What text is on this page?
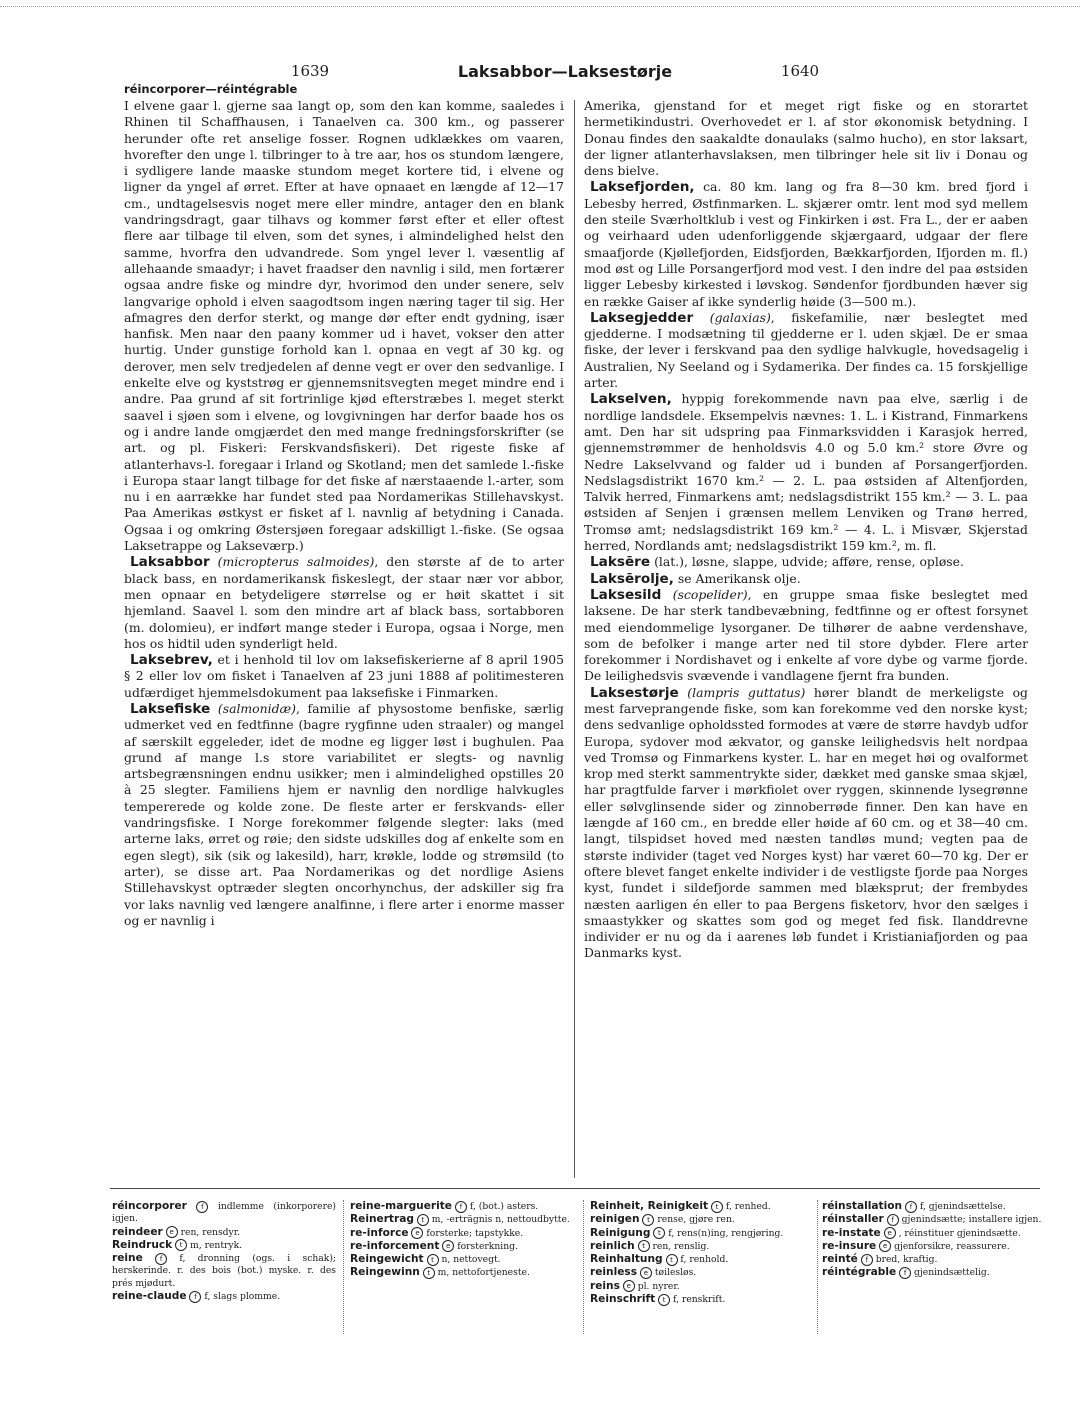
1639	Laksabbor—Laksestørje	1640
réincorporer—réintégrable

I elvene gaar l. gjerne saa langt op, som den kan komme, saaledes i Rhinen til Schaffhausen, i Tanaelven ca. 300 km., og passerer herunder ofte ret anselige fosser. Rognen udklækkes om vaaren, hvorefter den unge l. tilbringer to à tre aar, hos os stundom længere, i sydligere lande maaske stundom meget kortere tid, i elvene og ligner da yngel af ørret. Efter at have opnaaet en længde af 12—17 cm., undtagelsesvis noget mere eller mindre, antager den en blank vandringsdragt, gaar tilhavs og kommer først efter et eller oftest flere aar tilbage til elven, som det synes, i almindelighed helst den samme, hvorfra den udvandrede. Som yngel lever l. væsentlig af allehaande smaadyr; i havet fraadser den navnlig i sild, men fortærer ogsaa andre fiske og mindre dyr, hvorimod den under senere, selv langvarige ophold i elven saagodtsom ingen næring tager til sig. Her afmagres den derfor sterkt, og mange dør efter endt gydning, især hanfisk. Men naar den paany kommer ud i havet, vokser den atter hurtig. Under gunstige forhold kan l. opnaa en vegt af 30 kg. og derover, men selv tredjedelen af denne vegt er over den sedvanlige. I enkelte elve og kyststrøg er gjennemsnitsvegten meget mindre end i andre. Paa grund af sit fortrinlige kjød efterstræbes l. meget sterkt saavel i sjøen som i elvene, og lovgivningen har derfor baade hos os og i andre lande omgjærdet den med mange fredningsforskrifter (se art. og pl. Fiskeri: Ferskvandsfiskeri). Det rigeste fiske af atlanterhavs-l. foregaar i Irland og Skotland; men det samlede l.-fiske i Europa staar langt tilbage for det fiske af nærstaaende l.-arter, som nu i en aarrække har fundet sted paa Nordamerikas Stillehavskyst. Paa Amerikas østkyst er fisket af l. navnlig af betydning i Canada. Ogsaa i og omkring Østersjøen foregaar adskilligt l.-fiske. (Se ogsaa Laksetrappe og Lakseværp.)

Laksabbor (micropterus salmoides), den største af de to arter black bass, en nordamerikansk fiskeslegt, der staar nær vor abbor, men opnaar en betydeligere størrelse og er høit skattet i sit hjemland. Saavel l. som den mindre art af black bass, sortabboren (m. dolomieu), er indført mange steder i Europa, ogsaa i Norge, men hos os hidtil uden synderligt held.

Laksebrev, et i henhold til lov om laksefiskerierne af 8 april 1905 § 2 eller lov om fisket i Tanaelven af 23 juni 1888 af politimesteren udfærdiget hjemmelsdokument paa laksefiske i Finmarken.

Laksefiske (salmonidæ), familie af physostome benfiske, særlig udmerket ved en fedtfinne (bagre rygfinne uden straaler) og mangel af særskilt eggeleder, idet de modne eg ligger løst i bughulen. Paa grund af mange l.s store variabilitet er slegts- og navnlig artsbegrænsningen endnu usikker; men i almindelighed opstilles 20 à 25 slegter. Familiens hjem er navnlig den nordlige halvkugles tempererede og kolde zone. De fleste arter er ferskvands- eller vandringsfiske. I Norge forekommer følgende slegter: laks (med arterne laks, ørret og røie; den sidste udskilles dog af enkelte som en egen slegt), sik (sik og lakesild), harr, krøkle, lodde og strømsild (to arter), se disse art. Paa Nordamerikas og det nordlige Asiens Stillehavskyst optræder slegten oncorhynchus, der adskiller sig fra vor laks navnlig ved længere analfinne, i flere arter i enorme masser og er navnlig i

Amerika, gjenstand for et meget rigt fiske og en storartet hermetikindustri. Overhovedet er l. af stor økonomisk betydning. I Donau findes den saakaldte donaulaks (salmo hucho), en stor laksart, der ligner atlanterhavslaksen, men tilbringer hele sit liv i Donau og dens bielve.

Laksefjorden, ca. 80 km. lang og fra 8—30 km. bred fjord i Lebesby herred, Østfinmarken. L. skjærer omtr. lent mod syd mellem den steile Sværholtklub i vest og Finkirken i øst. Fra L., der er aaben og veirhaard uden udenforliggende skjærgaard, udgaar der flere smaafjorde (Kjøllefjorden, Eidsfjorden, Bækkarfjorden, Ifjorden m. fl.) mod øst og Lille Porsangerfjord mod vest. I den indre del paa østsiden ligger Lebesby kirkested i løvskog. Søndenfor fjordbunden hæver sig en række Gaiser af ikke synderlig høide (3—500 m.).

Laksegjedder (galaxias), fiskefamilie, nær beslegtet med gjedderne. I modsætning til gjedderne er l. uden skjæl. De er smaa fiske, der lever i ferskvand paa den sydlige halvkugle, hovedsagelig i Australien, Ny Seeland og i Sydamerika. Der findes ca. 15 forskjellige arter.

Lakselven, hyppig forekommende navn paa elve, særlig i de nordlige landsdele. Eksempelvis nævnes: 1. L. i Kistrand, Finmarkens amt. Den har sit udspring paa Finmarksvidden i Karasjok herred, gjennemstrømmer de henholdsvis 4.0 og 5.0 km.² store Øvre og Nedre Lakselvvand og falder ud i bunden af Porsangerfjorden. Nedslagsdistrikt 1670 km.² — 2. L. paa østsiden af Altenfjorden, Talvik herred, Finmarkens amt; nedslagsdistrikt 155 km.² — 3. L. paa østsiden af Senjen i grænsen mellem Lenviken og Tranø herred, Tromsø amt; nedslagsdistrikt 169 km.² — 4. L. i Misvær, Skjerstad herred, Nordlands amt; nedslagsdistrikt 159 km.², m. fl.

Laksēre (lat.), løsne, slappe, udvide; afføre, rense, opløse.

Laksērolje, se Amerikansk olje.

Laksesild (scopelider), en gruppe smaa fiske beslegtet med laksene. De har sterk tandbevæbning, fedtfinne og er oftest forsynet med eiendommelige lysorganer. De tilhører de aabne verdenshave, som de befolker i mange arter ned til store dybder. Flere arter forekommer i Nordishavet og i enkelte af vore dybe og varme fjorde. De leilighedsvis svævende i vandlagene fjernt fra bunden.

Laksestørje (lampris guttatus) hører blandt de merkeligste og mest farveprangende fiske, som kan forekomme ved den norske kyst; dens sedvanlige opholdssted formodes at være de større havdyb udfor Europa, sydover mod ækvator, og ganske leilighedsvis helt nordpaa ved Tromsø og Finmarkens kyster. L. har en meget høi og ovalformet krop med sterkt sammentrykte sider, dækket med ganske smaa skjæl, har pragtfulde farver i mørkfiolet over ryggen, skinnende lysegrønne eller sølvglinsende sider og zinnoberrøde finner. Den kan have en længde af 160 cm., en bredde eller høide af 60 cm. og et 38—40 cm. langt, tilspidset hoved med næsten tandløs mund; vegten paa de største individer (taget ved Norges kyst) har været 60—70 kg. Der er oftere blevet fanget enkelte individer i de vestligste fjorde paa Norges kyst, fundet i sildefjorde sammen med blæksprut; der frembydes næsten aarligen én eller to paa Bergens fisketorv, hvor den sælges i smaastykker og skattes som god og meget fed fisk. Ilanddrevne individer er nu og da i aarenes løb fundet i Kristianiafjorden og paa Danmarks kyst.

réincorporer f indlemme (inkorporere) igjen.

reindeer e ren, rensdyr.

Reindruck t m, rentryk.

reine f f, dronning (ogs. i schak); herskerinde. r. des bois (bot.) myske. r. des prés mjødurt.

reine-claude f f, slags plomme.

reine-marguerite f f, (bot.) asters.

Reinertrag t m, -erträgnis n, nettoudbytte.

re-inforce e forsterke; tapstykke.

re-inforcement e forsterkning.

Reingewicht t n, nettovegt.

Reingewinn t m, nettofortjeneste.

Reinheit, Reinigkeit t f, renhed.

reinigen t rense, gjøre ren.

Reinigung t f, rens(n)ing, rengjøring.

reinlich t ren, renslig.

Reinhaltung t f, renhold.

reinless e tøilesløs.

reins e pl. nyrer.

Reinschrift t f, renskrift.

réinstallation f f, gjenindsættelse.

réinstaller f gjenindsætte; installere igjen.

re-instate e , réinstituer gjenindsætte.

re-insure e gjenforsikre, reassurere.

reinté f bred, kraftig.

réintégrable f gjenindsættelig.
